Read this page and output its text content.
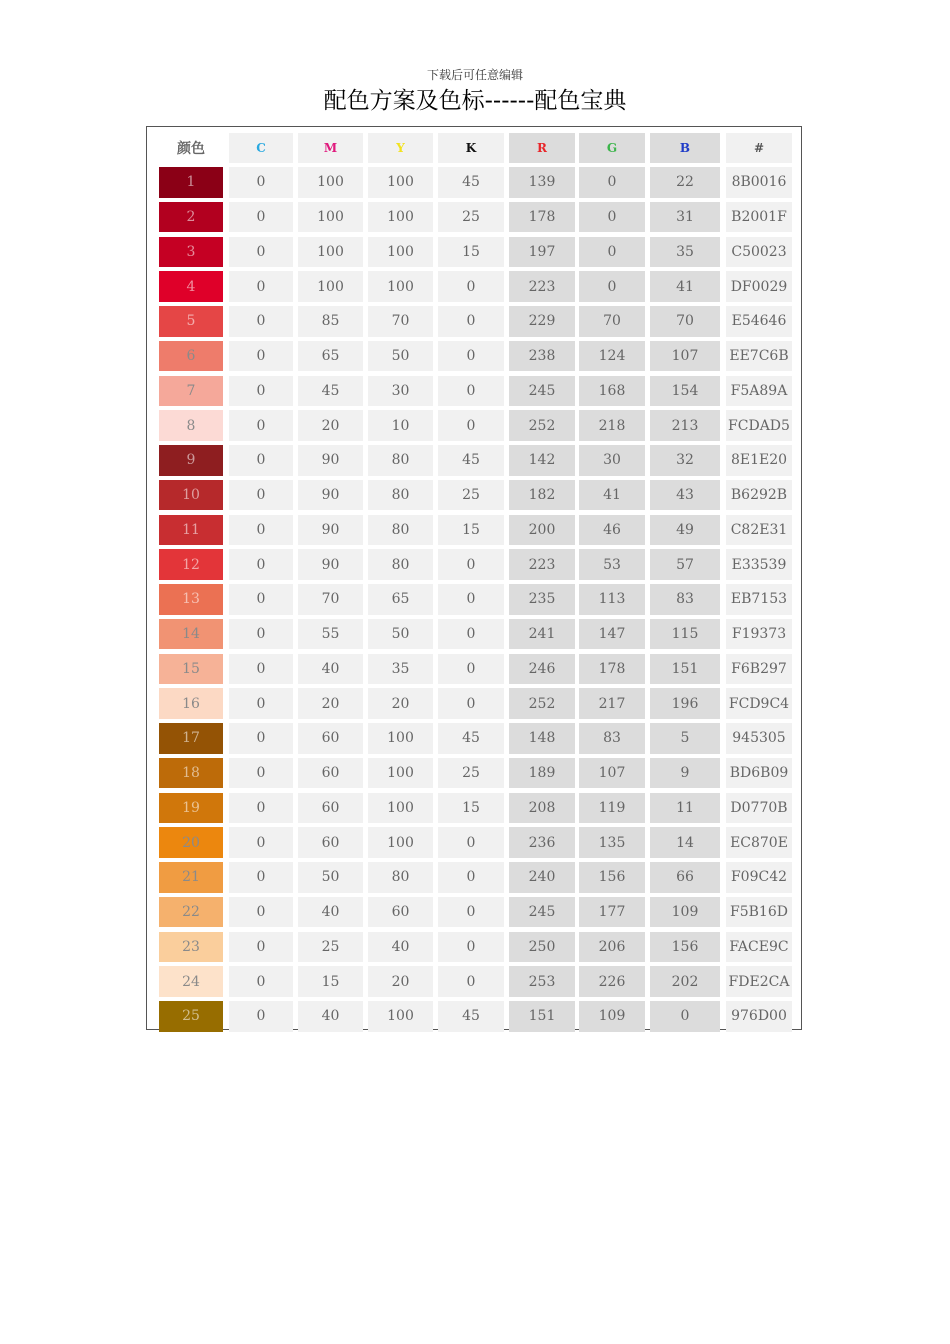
下载后可任意编辑
配色方案及色标------配色宝典
颜色	C	M	Y	K	R	G	B	#
1	0	100	100	45	139	0	22	8B0016
2	0	100	100	25	178	0	31	B2001F
3	0	100	100	15	197	0	35	C50023
4	0	100	100	0	223	0	41	DF0029
5	0	85	70	0	229	70	70	E54646
6	0	65	50	0	238	124	107	EE7C6B
7	0	45	30	0	245	168	154	F5A89A
8	0	20	10	0	252	218	213	FCDAD5
9	0	90	80	45	142	30	32	8E1E20
10	0	90	80	25	182	41	43	B6292B
11	0	90	80	15	200	46	49	C82E31
12	0	90	80	0	223	53	57	E33539
13	0	70	65	0	235	113	83	EB7153
14	0	55	50	0	241	147	115	F19373
15	0	40	35	0	246	178	151	F6B297
16	0	20	20	0	252	217	196	FCD9C4
17	0	60	100	45	148	83	5	945305
18	0	60	100	25	189	107	9	BD6B09
19	0	60	100	15	208	119	11	D0770B
20	0	60	100	0	236	135	14	EC870E
21	0	50	80	0	240	156	66	F09C42
22	0	40	60	0	245	177	109	F5B16D
23	0	25	40	0	250	206	156	FACE9C
24	0	15	20	0	253	226	202	FDE2CA
25	0	40	100	45	151	109	0	976D00
